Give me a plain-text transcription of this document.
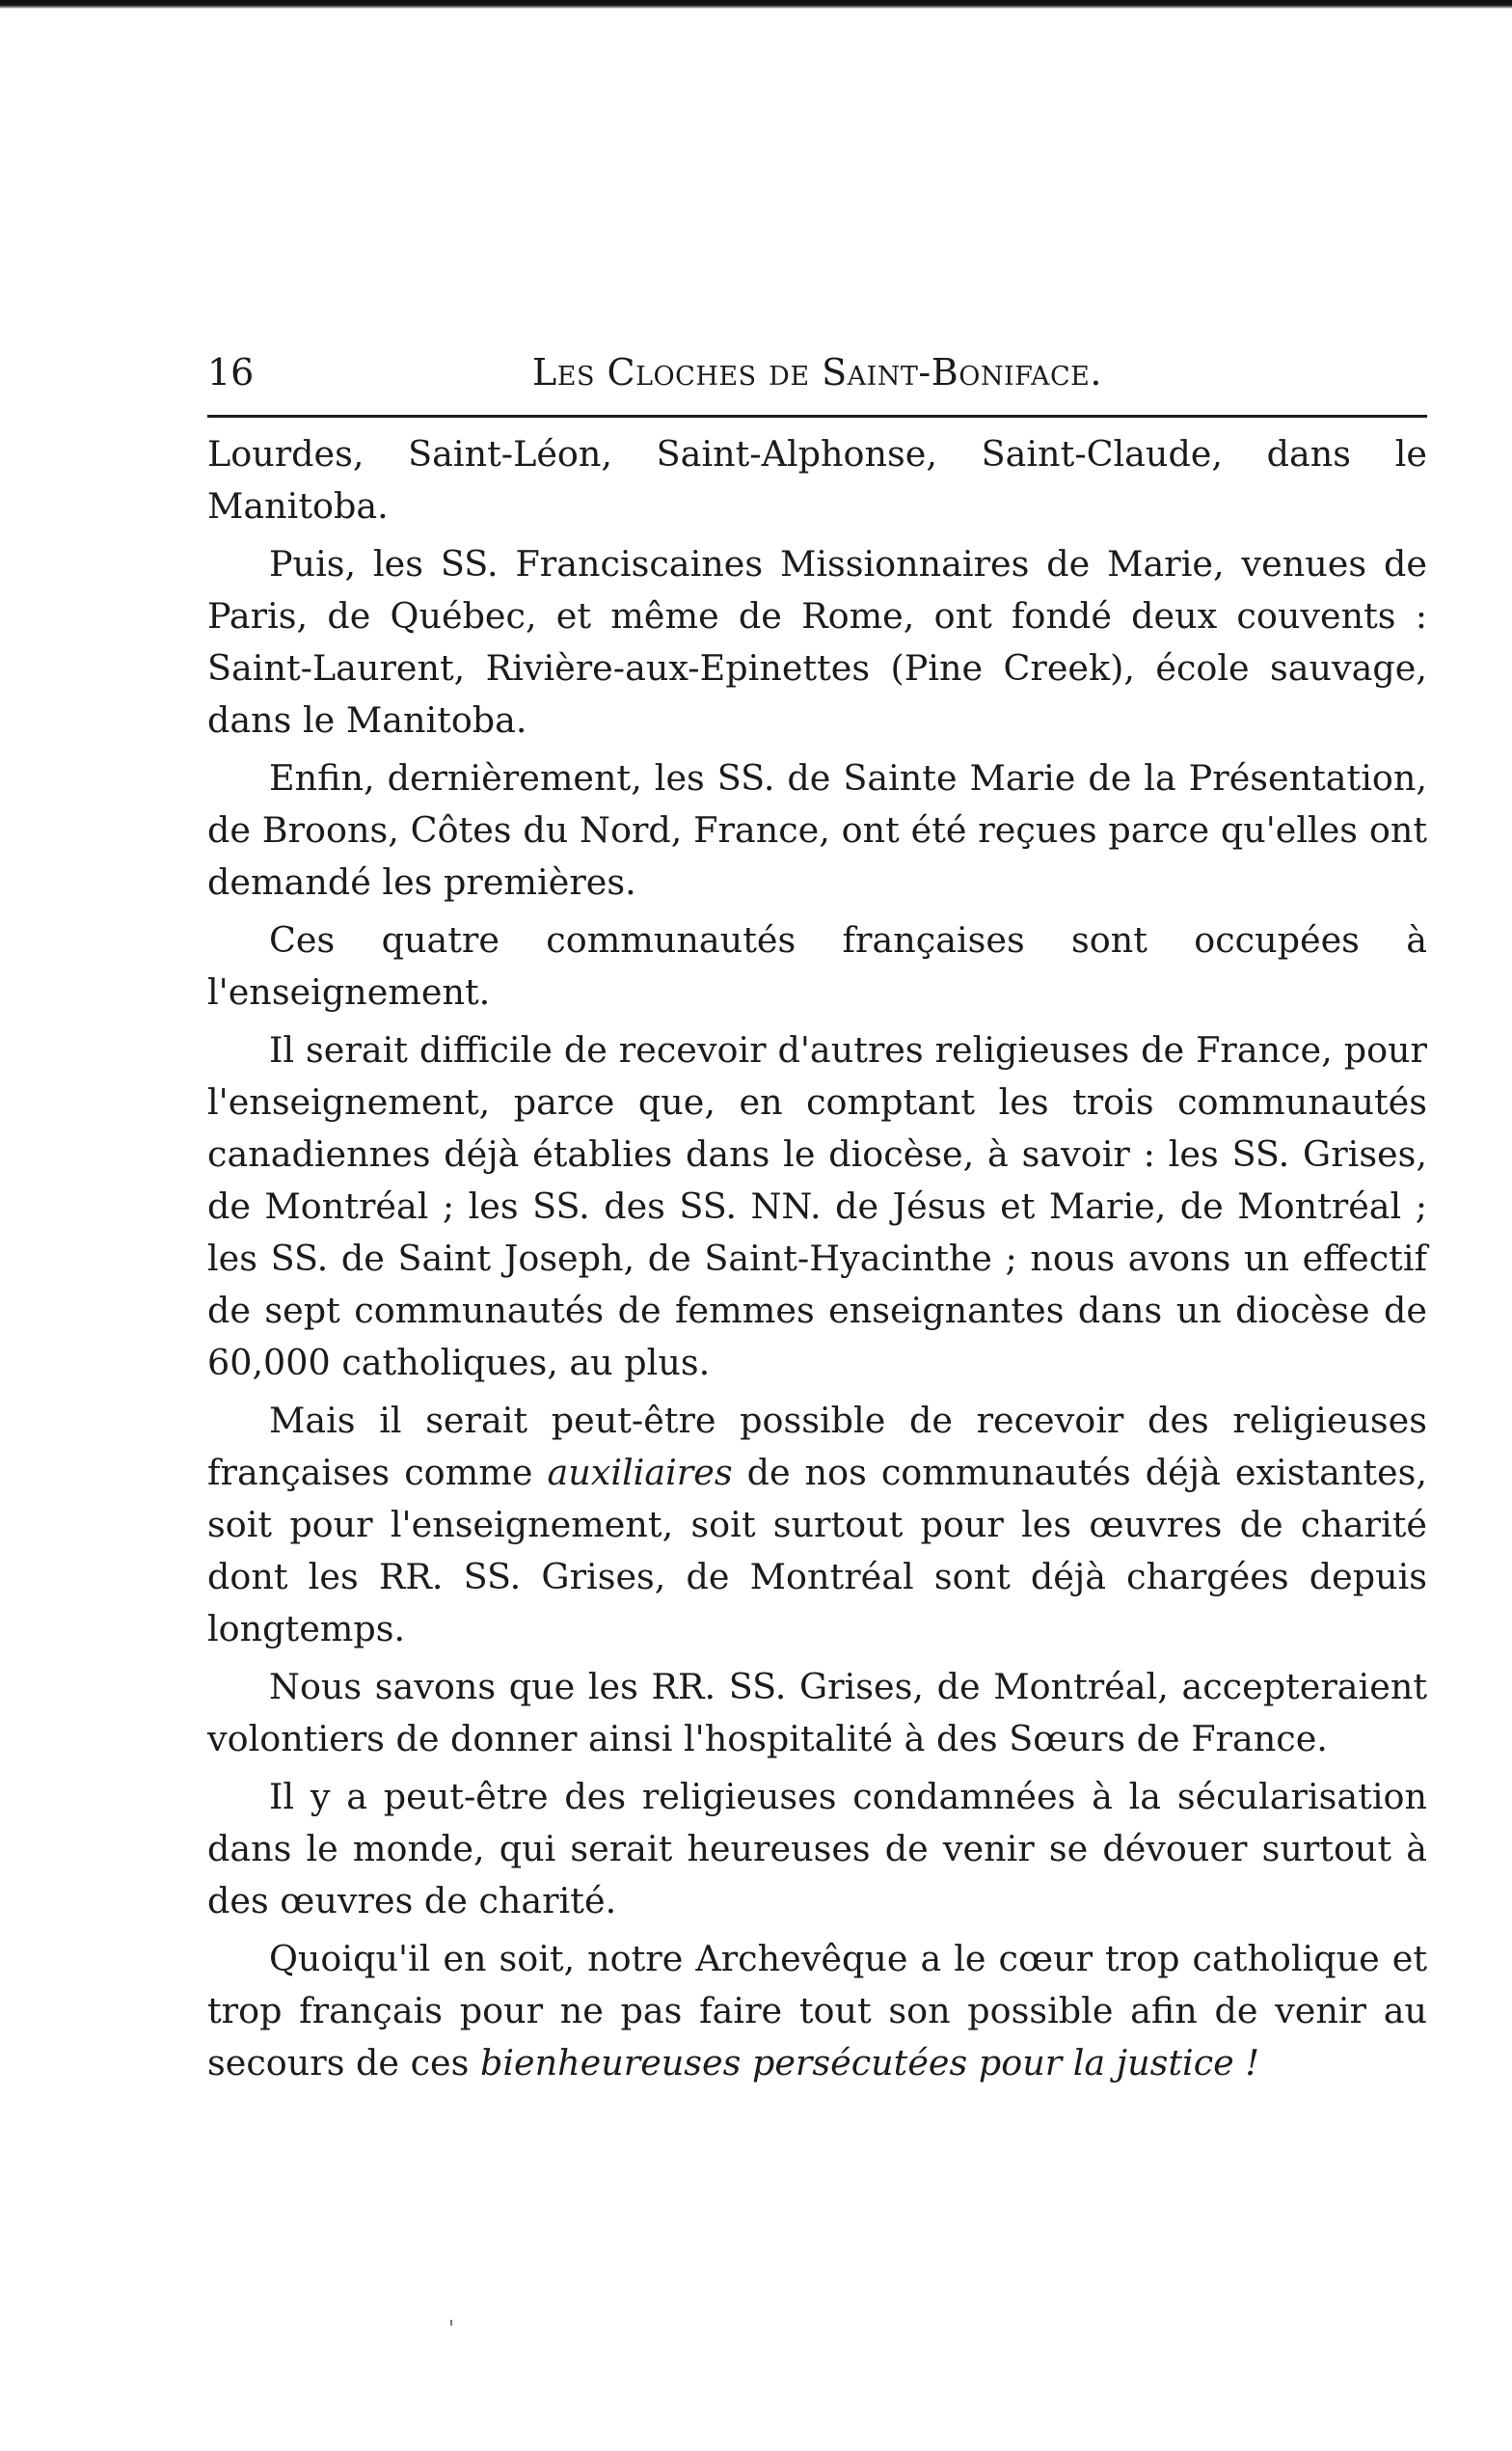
16	Les Cloches de Saint-Boniface.

Lourdes, Saint-Léon, Saint-Alphonse, Saint-Claude, dans le Manitoba.

Puis, les SS. Franciscaines Missionnaires de Marie, venues de Paris, de Québec, et même de Rome, ont fondé deux couvents : Saint-Laurent, Rivière-aux-Epinettes (Pine Creek), école sauvage, dans le Manitoba.

Enfin, dernièrement, les SS. de Sainte Marie de la Présentation, de Broons, Côtes du Nord, France, ont été reçues parce qu'elles ont demandé les premières.

Ces quatre communautés françaises sont occupées à l'enseignement.

Il serait difficile de recevoir d'autres religieuses de France, pour l'enseignement, parce que, en comptant les trois communautés canadiennes déjà établies dans le diocèse, à savoir : les SS. Grises, de Montréal ; les SS. des SS. NN. de Jésus et Marie, de Montréal ; les SS. de Saint Joseph, de Saint-Hyacinthe ; nous avons un effectif de sept communautés de femmes enseignantes dans un diocèse de 60,000 catholiques, au plus.

Mais il serait peut-être possible de recevoir des religieuses françaises comme auxiliaires de nos communautés déjà existantes, soit pour l'enseignement, soit surtout pour les œuvres de charité dont les RR. SS. Grises, de Montréal sont déjà chargées depuis longtemps.

Nous savons que les RR. SS. Grises, de Montréal, accepteraient volontiers de donner ainsi l'hospitalité à des Sœurs de France.

Il y a peut-être des religieuses condamnées à la sécularisation dans le monde, qui serait heureuses de venir se dévouer surtout à des œuvres de charité.

Quoiqu'il en soit, notre Archevêque a le cœur trop catholique et trop français pour ne pas faire tout son possible afin de venir au secours de ces bienheureuses persécutées pour la justice !
